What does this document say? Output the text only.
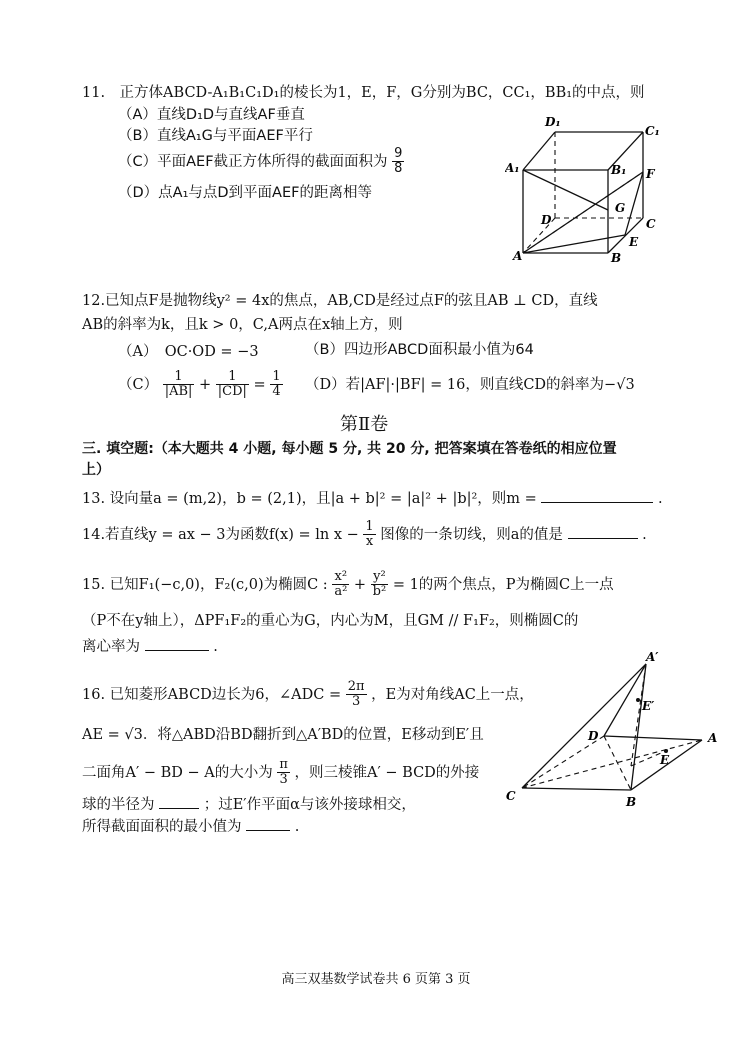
11.　正方体ABCD-A₁B₁C₁D₁的棱长为1，E，F，G分别为BC，CC₁，BB₁的中点，则
（A）直线D₁D与直线AF垂直
（B）直线A₁G与平面AEF平行
（C）平面AEF截正方体所得的截面面积为 $\frac{9}{8}$
（D）点A₁与点D到平面AEF的距离相等
D₁
C₁
A₁	B₁ F
G
D	C
E
A	B
12.已知点F是抛物线y² = 4x的焦点，AB,CD是经过点F的弦且AB ⊥ CD，直线
AB的斜率为k，且k > 0，C,A两点在x轴上方，则
（A）　OC·OD = −3	（B）四边形ABCD面积最小值为64
$(C) \frac{1}{|AB|} + \frac{1}{|CD|} = \frac{1}{4} (D)$若|AF|·|BF| = 16，则直线CD的斜率为−√3
第Ⅱ卷
三. 填空题:（本大题共 4 小题, 每小题 5 分, 共 20 分, 把答案填在答卷纸的相应位置
上）
13. 设向量a = (m,2)，b = (2,1)，且|a + b|² = |a|² + |b|²，则m =	.
14.若直线y = ax − 3为函数$f(x) = \ln x - \frac{1}{x}$ 图像的一条切线，则a的值是	.
15. 已知F₁(−c,0)，F₂(c,0)为椭圆C : $\frac{\text{x²}}{\text{a²}} + \frac{\text{y²}}{\text{b²}} = 1$的两个焦点，P为椭圆C上一点
（P不在y轴上），ΔPF₁F₂的重心为G，内心为M，且GM // F₁F₂，则椭圆C的
离心率为	.
16. 已知菱形ABCD边长为6，∠ADC = $\frac{2\pi}{3}$ ，E为对角线AC上一点，
AE = √3．将△ABD沿BD翻折到△A′BD的位置，E移动到E′且
二面角A′ − BD − A的大小为 $\frac{\pi}{3}$ ，则三棱锥A′ − BCD的外接
球的半径为	；过E′作平面α与该外接球相交，
所得截面面积的最小值为	.
A′
E′
D	A
E
C	B
高三双基数学试卷共 6 页第 3 页
